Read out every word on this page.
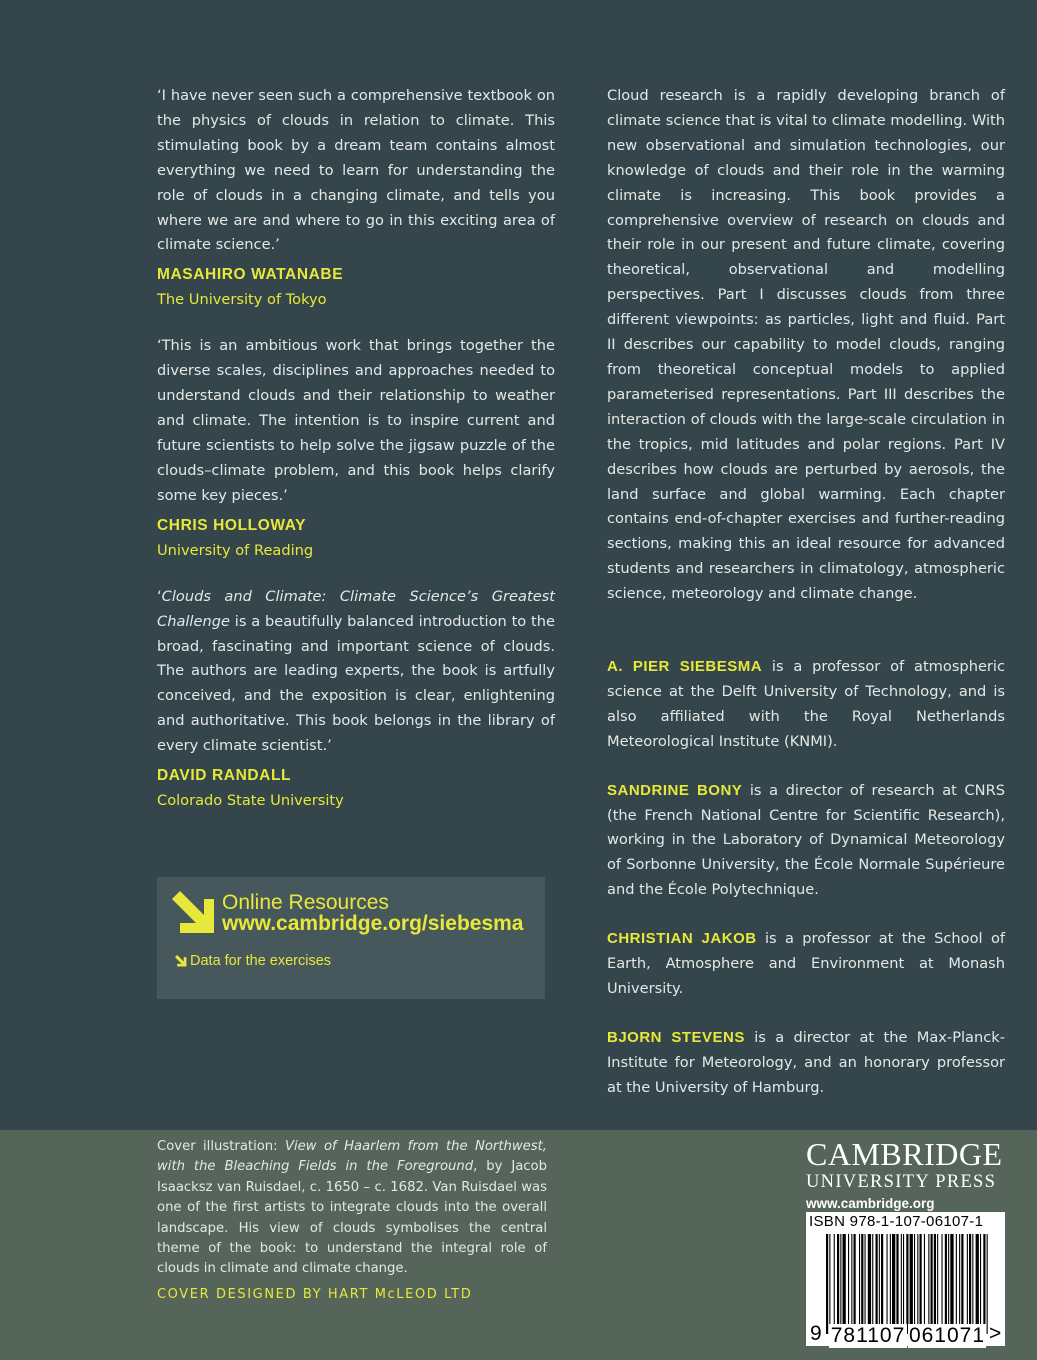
‘I have never seen such a comprehensive textbook on the physics of clouds in relation to climate. This stimulating book by a dream team contains almost everything we need to learn for understanding the role of clouds in a changing climate, and tells you where we are and where to go in this exciting area of climate science.’

MASAHIRO WATANABE
The University of Tokyo

‘This is an ambitious work that brings together the diverse scales, disciplines and approaches needed to understand clouds and their relationship to weather and climate. The intention is to inspire current and future scientists to help solve the jigsaw puzzle of the clouds–climate problem, and this book helps clarify some key pieces.’

CHRIS HOLLOWAY
University of Reading

‘Clouds and Climate: Climate Science’s Greatest Challenge is a beautifully balanced introduction to the broad, fascinating and important science of clouds. The authors are leading experts, the book is artfully conceived, and the exposition is clear, enlightening and authoritative. This book belongs in the library of every climate scientist.’

DAVID RANDALL
Colorado State University
Online Resources
www.cambridge.org/siebesma
Data for the exercises

Cloud research is a rapidly developing branch of climate science that is vital to climate modelling. With new observational and simulation technologies, our knowledge of clouds and their role in the warming climate is increasing. This book provides a comprehensive overview of research on clouds and their role in our present and future climate, covering theoretical, observational and modelling perspectives. Part I discusses clouds from three different viewpoints: as particles, light and fluid. Part II describes our capability to model clouds, ranging from theoretical conceptual models to applied parameterised representations. Part III describes the interaction of clouds with the large-scale circulation in the tropics, mid latitudes and polar regions. Part IV describes how clouds are perturbed by aerosols, the land surface and global warming. Each chapter contains end-of-chapter exercises and further-reading sections, making this an ideal resource for advanced students and researchers in climatology, atmospheric science, meteorology and climate change.

A. PIER SIEBESMA is a professor of atmospheric science at the Delft University of Technology, and is also affiliated with the Royal Netherlands Meteorological Institute (KNMI).

SANDRINE BONY is a director of research at CNRS (the French National Centre for Scientific Research), working in the Laboratory of Dynamical Meteorology of Sorbonne University, the École Normale Supérieure and the École Polytechnique.

CHRISTIAN JAKOB is a professor at the School of Earth, Atmosphere and Environment at Monash University.

BJORN STEVENS is a director at the Max-Planck-Institute for Meteorology, and an honorary professor at the University of Hamburg.

Cover illustration: View of Haarlem from the Northwest, with the Bleaching Fields in the Foreground, by Jacob Isaacksz van Ruisdael, c. 1650 – c. 1682. Van Ruisdael was one of the first artists to integrate clouds into the overall landscape. His view of clouds symbolises the central theme of the book: to understand the integral role of clouds in climate and climate change.

COVER DESIGNED BY HART McLEOD LTD
CAMBRIDGE
UNIVERSITY PRESS
www.cambridge.org
ISBN 978-1-107-06107-1
9 781107 061071 >
